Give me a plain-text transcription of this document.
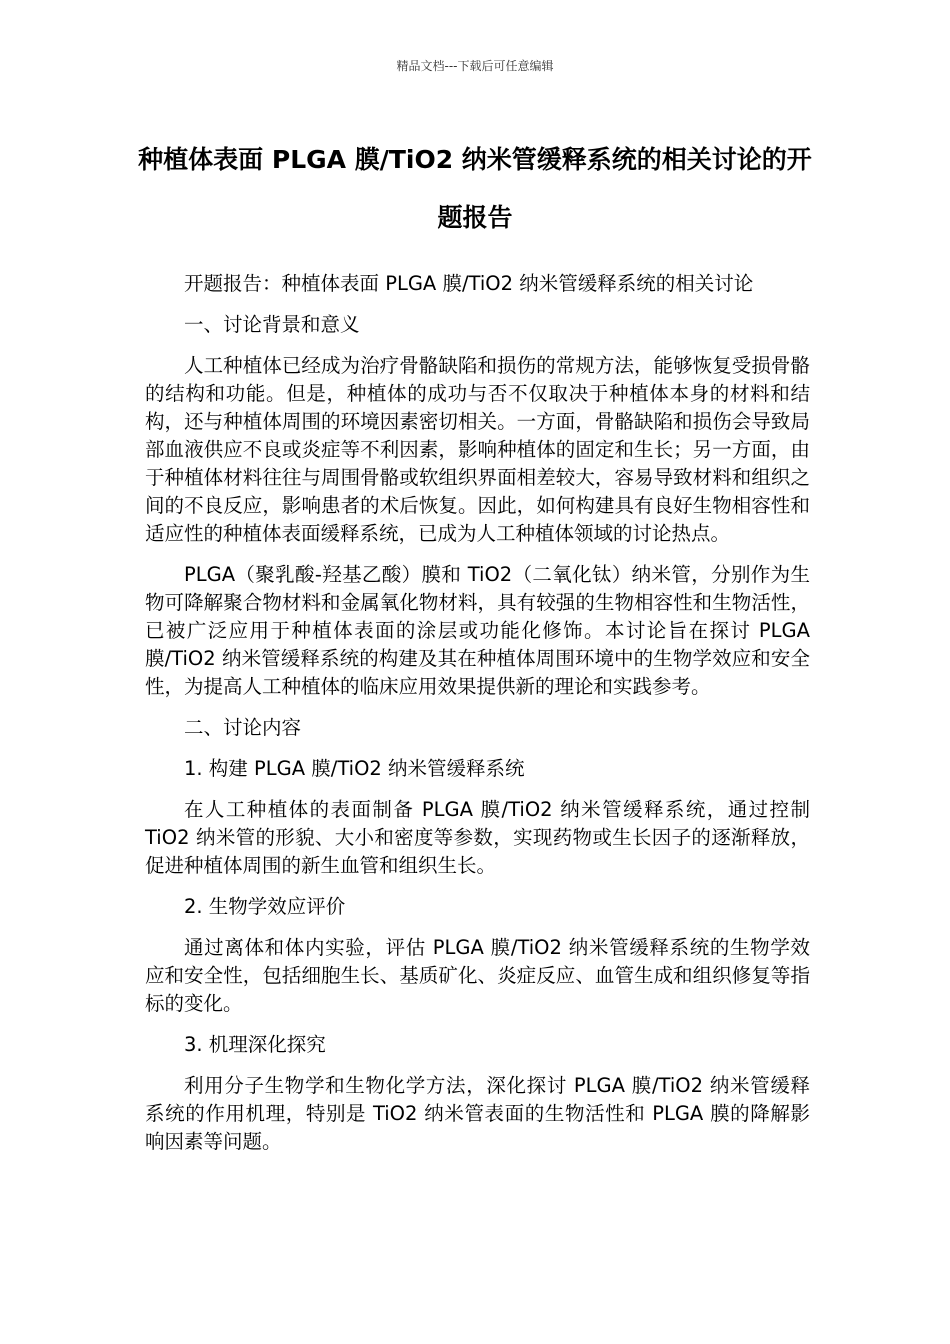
精品文档---下载后可任意编辑
种植体表面 PLGA 膜/TiO2 纳米管缓释系统的相关讨论的开题报告

开题报告：种植体表面 PLGA 膜/TiO2 纳米管缓释系统的相关讨论

一、讨论背景和意义

人工种植体已经成为治疗骨骼缺陷和损伤的常规方法，能够恢复受损骨骼的结构和功能。但是，种植体的成功与否不仅取决于种植体本身的材料和结构，还与种植体周围的环境因素密切相关。一方面，骨骼缺陷和损伤会导致局部血液供应不良或炎症等不利因素，影响种植体的固定和生长；另一方面，由于种植体材料往往与周围骨骼或软组织界面相差较大，容易导致材料和组织之间的不良反应，影响患者的术后恢复。因此，如何构建具有良好生物相容性和适应性的种植体表面缓释系统，已成为人工种植体领域的讨论热点。

PLGA（聚乳酸-羟基乙酸）膜和 TiO2（二氧化钛）纳米管，分别作为生物可降解聚合物材料和金属氧化物材料，具有较强的生物相容性和生物活性，已被广泛应用于种植体表面的涂层或功能化修饰。本讨论旨在探讨 PLGA 膜/TiO2 纳米管缓释系统的构建及其在种植体周围环境中的生物学效应和安全性，为提高人工种植体的临床应用效果提供新的理论和实践参考。

二、讨论内容

1. 构建 PLGA 膜/TiO2 纳米管缓释系统

在人工种植体的表面制备 PLGA 膜/TiO2 纳米管缓释系统，通过控制 TiO2 纳米管的形貌、大小和密度等参数，实现药物或生长因子的逐渐释放，促进种植体周围的新生血管和组织生长。

2. 生物学效应评价

通过离体和体内实验，评估 PLGA 膜/TiO2 纳米管缓释系统的生物学效应和安全性，包括细胞生长、基质矿化、炎症反应、血管生成和组织修复等指标的变化。

3. 机理深化探究

利用分子生物学和生物化学方法，深化探讨 PLGA 膜/TiO2 纳米管缓释系统的作用机理，特别是 TiO2 纳米管表面的生物活性和 PLGA 膜的降解影响因素等问题。
